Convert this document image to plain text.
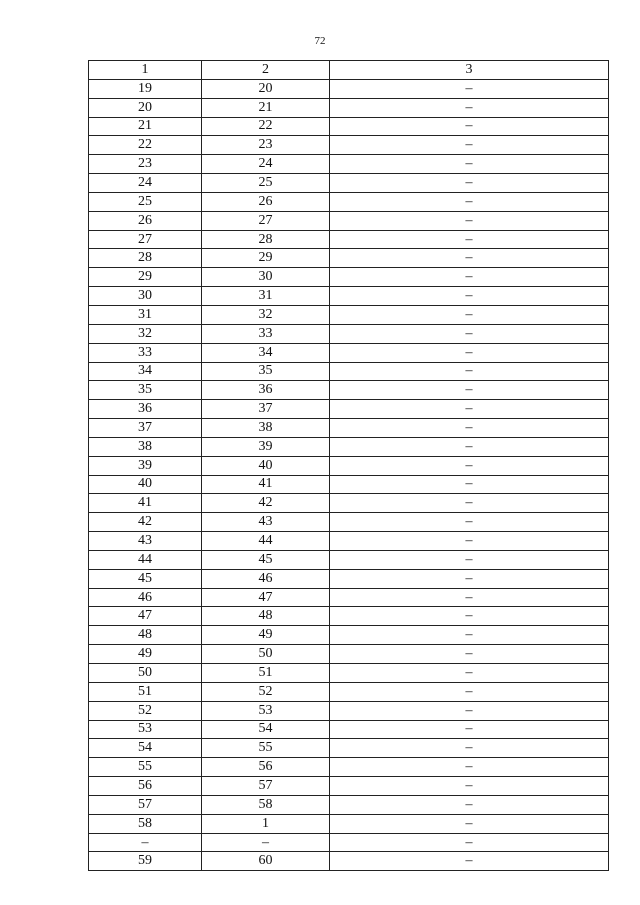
72
1	2	3
19	20	–
20	21	–
21	22	–
22	23	–
23	24	–
24	25	–
25	26	–
26	27	–
27	28	–
28	29	–
29	30	–
30	31	–
31	32	–
32	33	–
33	34	–
34	35	–
35	36	–
36	37	–
37	38	–
38	39	–
39	40	–
40	41	–
41	42	–
42	43	–
43	44	–
44	45	–
45	46	–
46	47	–
47	48	–
48	49	–
49	50	–
50	51	–
51	52	–
52	53	–
53	54	–
54	55	–
55	56	–
56	57	–
57	58	–
58	1	–
–	–	–
59	60	–
